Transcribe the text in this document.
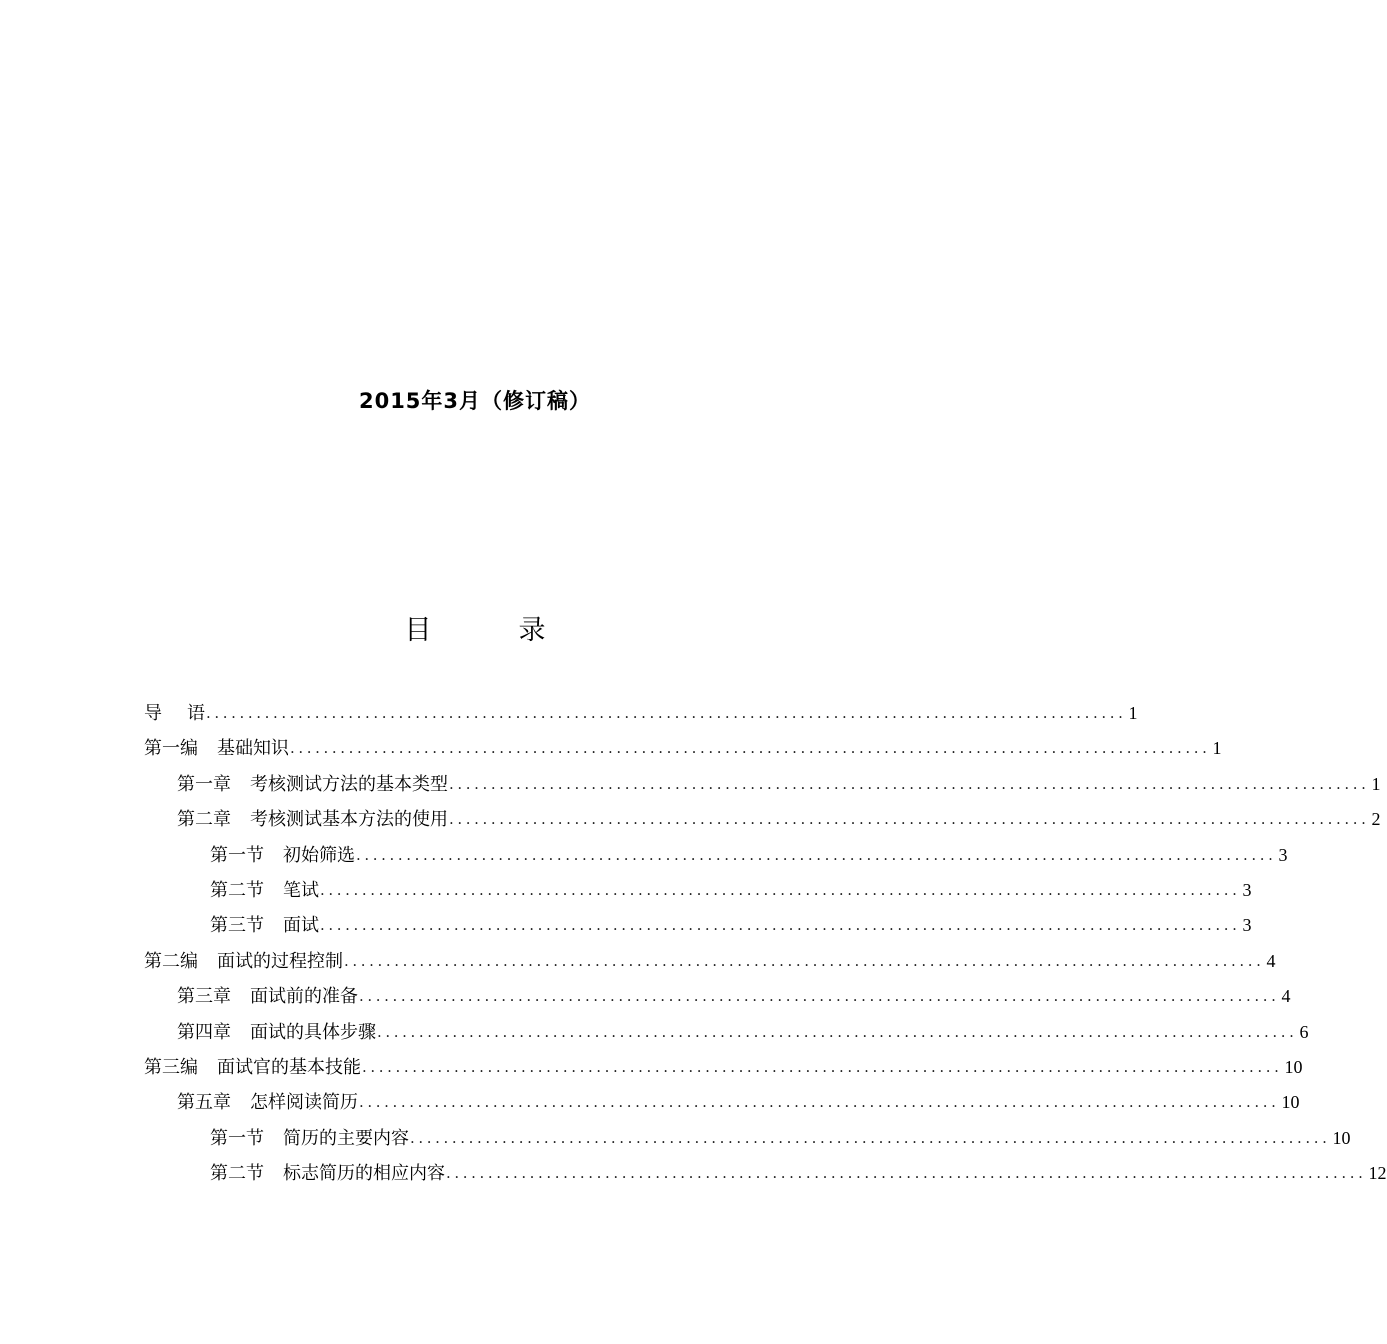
2015年3月（修订稿）
目　录
导 语 .............................................................................................................. 1
第一编 基础知识 .............................................................................................................. 1
第一章 考核测试方法的基本类型 .............................................................................................................. 1
第二章 考核测试基本方法的使用 .............................................................................................................. 2
第一节 初始筛选 .............................................................................................................. 3
第二节 笔试 .............................................................................................................. 3
第三节 面试 .............................................................................................................. 3
第二编 面试的过程控制 .............................................................................................................. 4
第三章 面试前的准备 .............................................................................................................. 4
第四章 面试的具体步骤 .............................................................................................................. 6
第三编 面试官的基本技能 .............................................................................................................. 10
第五章 怎样阅读简历 .............................................................................................................. 10
第一节 简历的主要内容 .............................................................................................................. 10
第二节 标志简历的相应内容 .............................................................................................................. 12
